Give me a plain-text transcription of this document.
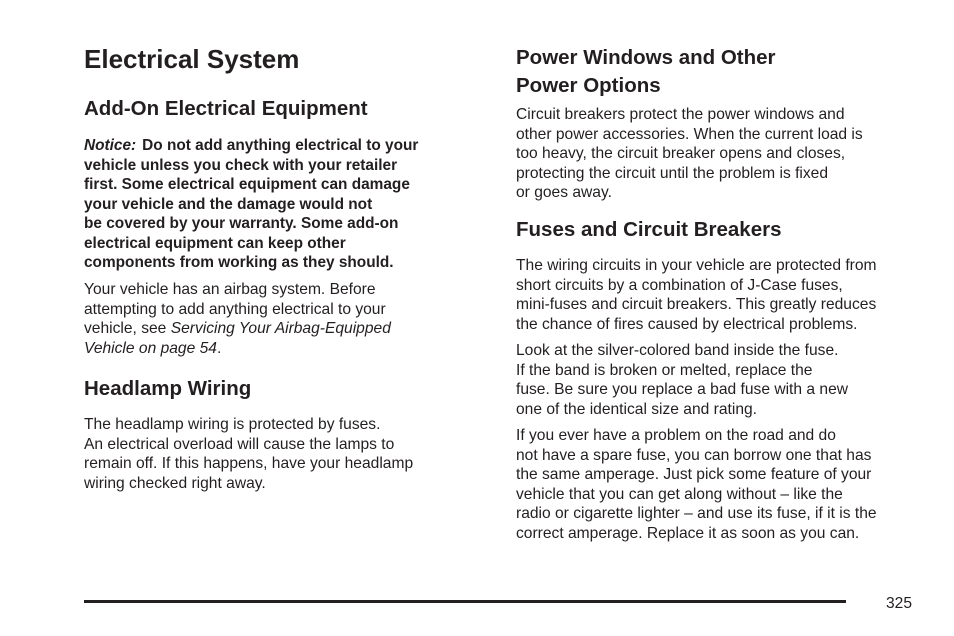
Electrical System
Add-On Electrical Equipment
Notice: Do not add anything electrical to your
vehicle unless you check with your retailer
first. Some electrical equipment can damage
your vehicle and the damage would not
be covered by your warranty. Some add-on
electrical equipment can keep other
components from working as they should.
Your vehicle has an airbag system. Before
attempting to add anything electrical to your
vehicle, see Servicing Your Airbag-Equipped
Vehicle on page 54.
Headlamp Wiring
The headlamp wiring is protected by fuses.
An electrical overload will cause the lamps to
remain off. If this happens, have your headlamp
wiring checked right away.
Power Windows and Other
Power Options
Circuit breakers protect the power windows and
other power accessories. When the current load is
too heavy, the circuit breaker opens and closes,
protecting the circuit until the problem is fixed
or goes away.
Fuses and Circuit Breakers
The wiring circuits in your vehicle are protected from
short circuits by a combination of J-Case fuses,
mini-fuses and circuit breakers. This greatly reduces
the chance of fires caused by electrical problems.
Look at the silver-colored band inside the fuse.
If the band is broken or melted, replace the
fuse. Be sure you replace a bad fuse with a new
one of the identical size and rating.
If you ever have a problem on the road and do
not have a spare fuse, you can borrow one that has
the same amperage. Just pick some feature of your
vehicle that you can get along without – like the
radio or cigarette lighter – and use its fuse, if it is the
correct amperage. Replace it as soon as you can.
325
